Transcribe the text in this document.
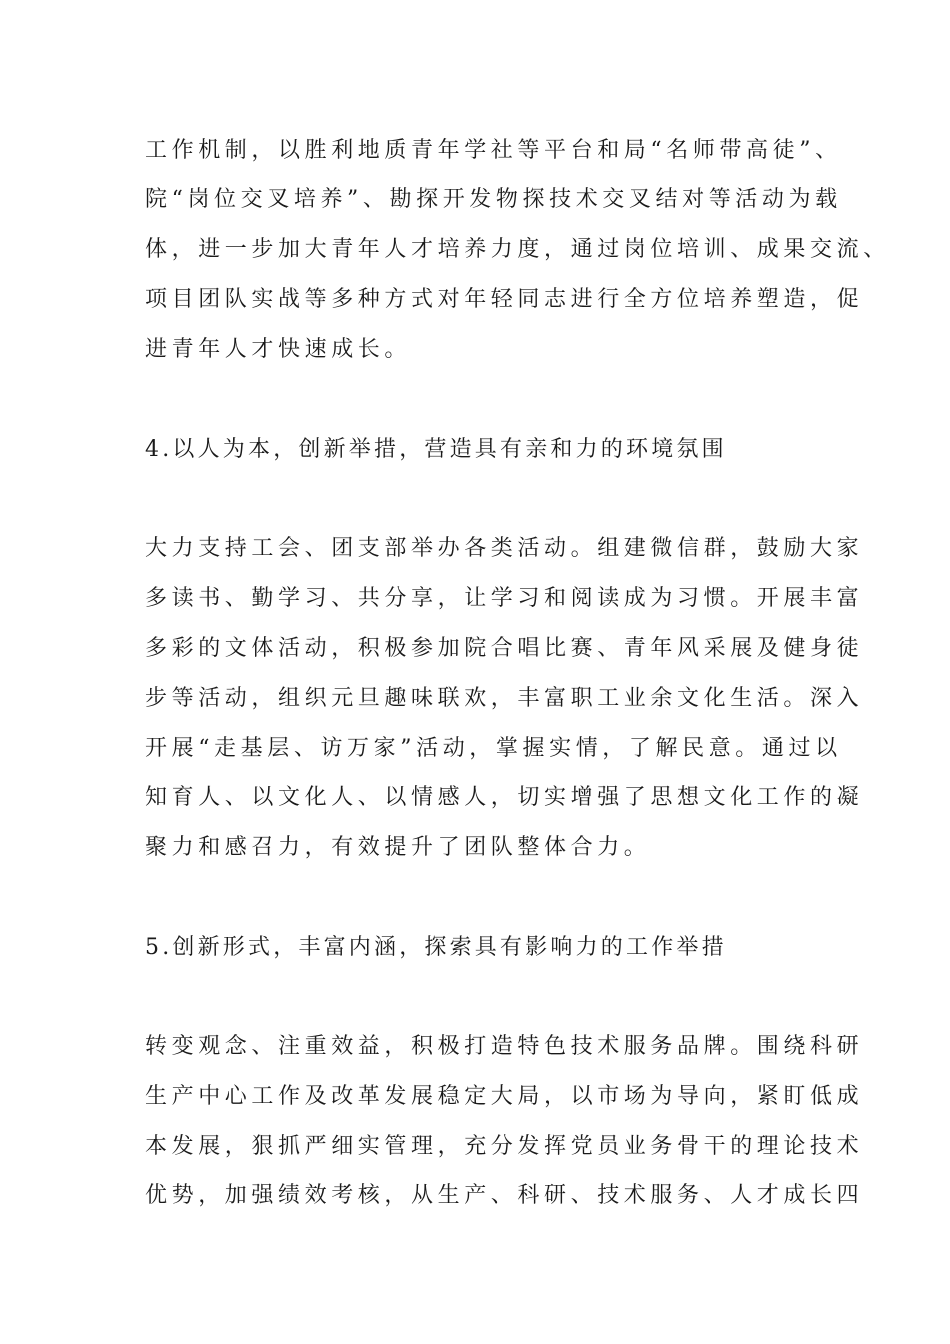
工作机制，以胜利地质青年学社等平台和局“名师带高徒”、
院“岗位交叉培养”、勘探开发物探技术交叉结对等活动为载
体，进一步加大青年人才培养力度，通过岗位培训、成果交流、
项目团队实战等多种方式对年轻同志进行全方位培养塑造，促
进青年人才快速成长。
4.以人为本，创新举措，营造具有亲和力的环境氛围
大力支持工会、团支部举办各类活动。组建微信群，鼓励大家
多读书、勤学习、共分享，让学习和阅读成为习惯。开展丰富
多彩的文体活动，积极参加院合唱比赛、青年风采展及健身徒
步等活动，组织元旦趣味联欢，丰富职工业余文化生活。深入
开展“走基层、访万家”活动，掌握实情，了解民意。通过以
知育人、以文化人、以情感人，切实增强了思想文化工作的凝
聚力和感召力，有效提升了团队整体合力。
5.创新形式，丰富内涵，探索具有影响力的工作举措
转变观念、注重效益，积极打造特色技术服务品牌。围绕科研
生产中心工作及改革发展稳定大局，以市场为导向，紧盯低成
本发展，狠抓严细实管理，充分发挥党员业务骨干的理论技术
优势，加强绩效考核，从生产、科研、技术服务、人才成长四
